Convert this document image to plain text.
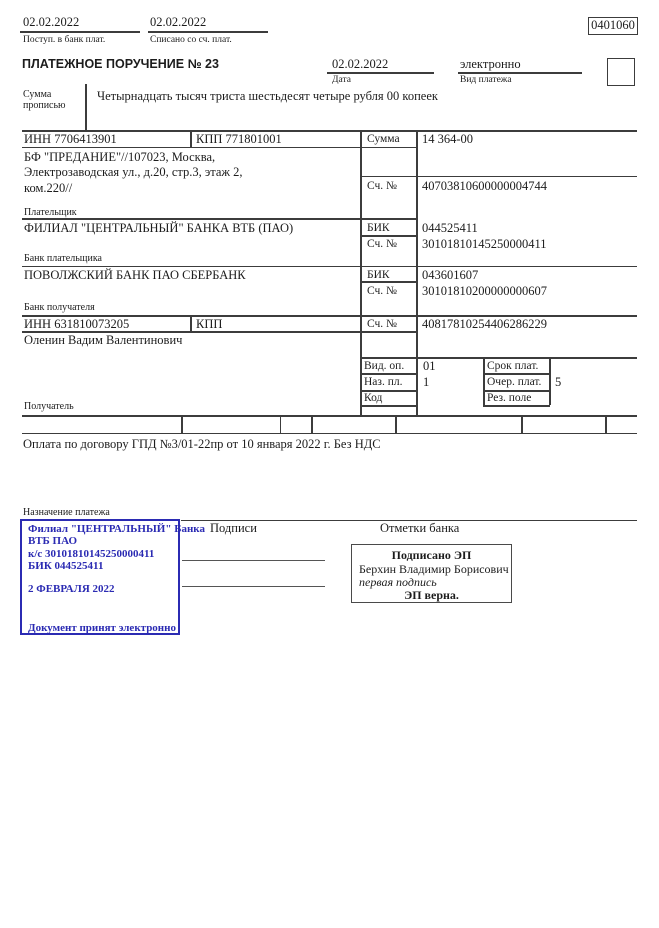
02.02.2022
Поступ. в банк плат.
02.02.2022
Списано со сч. плат.
0401060
ПЛАТЕЖНОЕ ПОРУЧЕНИЕ № 23	02.02.2022
Дата
электронно
Вид платежа
Сумма прописью
Четырнадцать тысяч триста шестьдесят четыре рубля 00 копеек
ИНН 7706413901	КПП 771801001
БФ "ПРЕДАНИЕ"//107023, Москва, Электрозаводская ул., д.20, стр.3, этаж 2, ком.220//
Плательщик
Сумма 14 364-00
Сч. № 40703810600000004744
ФИЛИАЛ "ЦЕНТРАЛЬНЫЙ" БАНКА ВТБ (ПАО)
Банк плательщика
БИК	044525411
Сч. № 30101810145250000411
ПОВОЛЖСКИЙ БАНК ПАО СБЕРБАНК
Банк получателя
БИК	043601607
Сч. № 30101810200000000607
ИНН 631810073205	КПП
Оленин Вадим Валентинович
Получатель
Сч. № 40817810254406286229
Вид. оп. 01	Срок плат.
Наз. пл. 1	Очер. плат. 5
Код	Рез. поле
Оплата по договору ГПД №3/01-22пр от 10 января 2022 г. Без НДС
Назначение платежа
Подписи	Отметки банка
Филиал "ЦЕНТРАЛЬНЫЙ" Банка
ВТБ ПАО
к/с 30101810145250000411
БИК 044525411
2 ФЕВРАЛЯ 2022
Документ принят электронно
Подписано ЭП
Берхин Владимир Борисович
первая подпись
ЭП верна.
